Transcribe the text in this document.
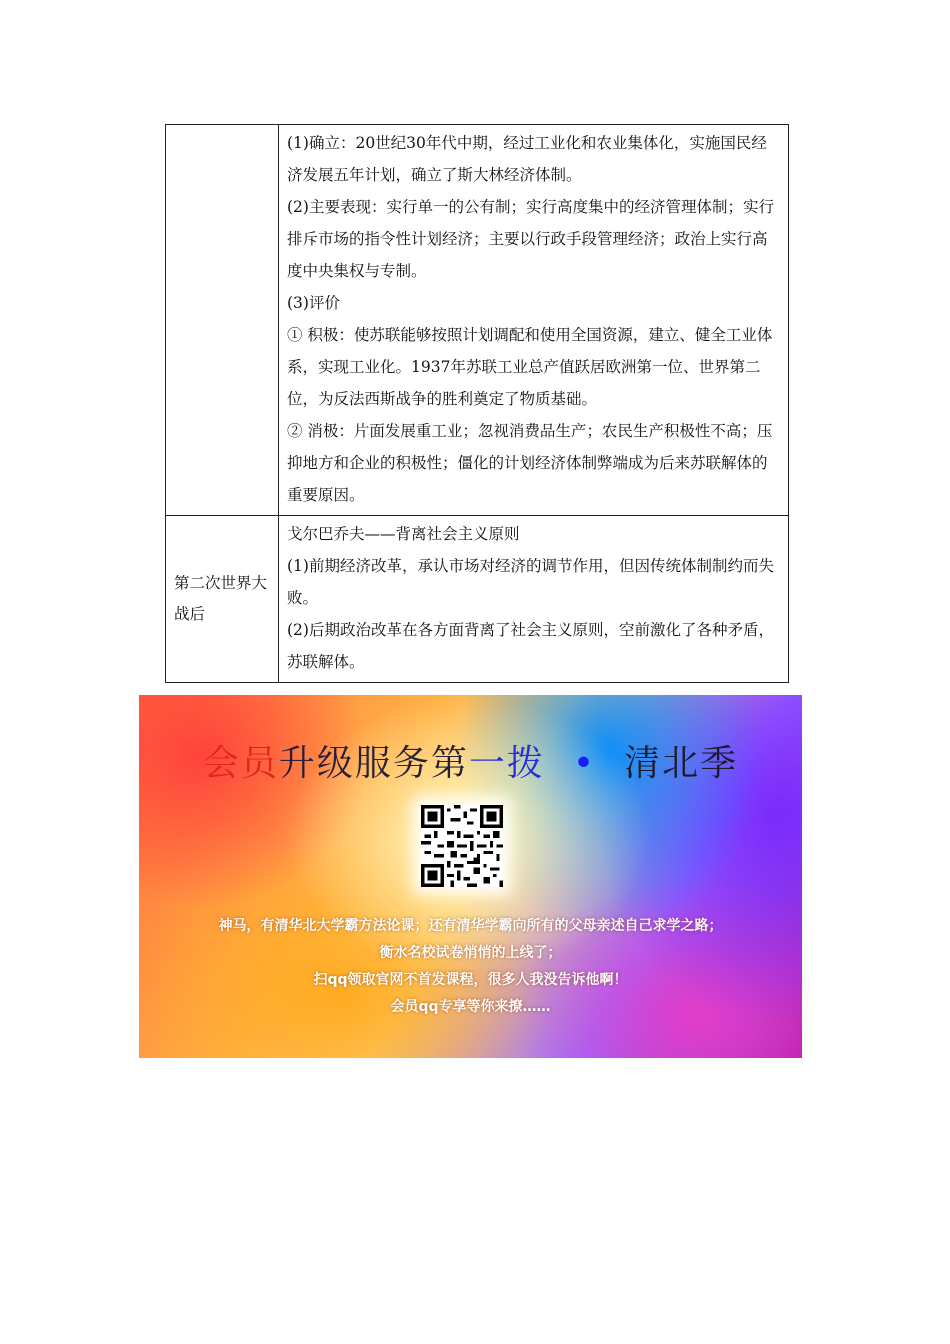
	(1)确立：20世纪30年代中期，经过工业化和农业集体化，实施国民经济发展五年计划，确立了斯大林经济体制。

(2)主要表现：实行单一的公有制；实行高度集中的经济管理体制；实行排斥市场的指令性计划经济；主要以行政手段管理经济；政治上实行高度中央集权与专制。

(3)评价

① 积极：使苏联能够按照计划调配和使用全国资源，建立、健全工业体系，实现工业化。1937年苏联工业总产值跃居欧洲第一位、世界第二位，为反法西斯战争的胜利奠定了物质基础。

② 消极：片面发展重工业；忽视消费品生产；农民生产积极性不高；压抑地方和企业的积极性；僵化的计划经济体制弊端成为后来苏联解体的重要原因。

第二次世界大战后	戈尔巴乔夫——背离社会主义原则

(1)前期经济改革，承认市场对经济的调节作用，但因传统体制制约而失败。

(2)后期政治改革在各方面背离了社会主义原则，空前激化了各种矛盾，苏联解体。

会员升级服务第一拨 • 清北季
神马，有清华北大学霸方法论课；还有清华学霸向所有的父母亲述自己求学之路；
衡水名校试卷悄悄的上线了；
扫qq领取官网不首发课程，很多人我没告诉他啊！
会员qq专享等你来撩……
